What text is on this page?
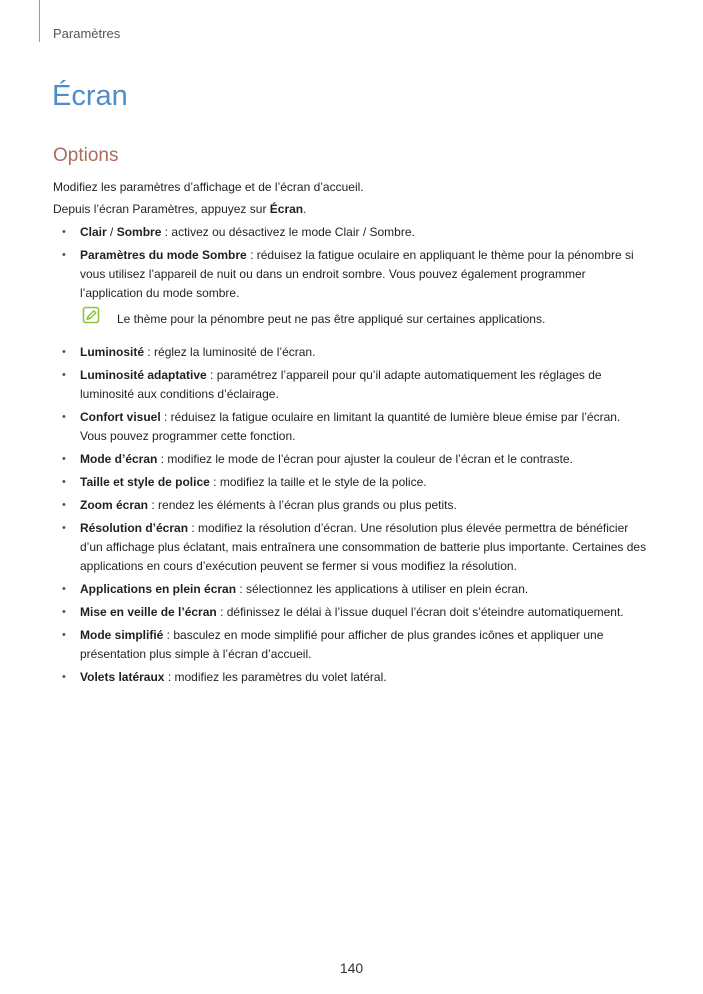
Paramètres
Écran
Options

Modifiez les paramètres d’affichage et de l’écran d’accueil.

Depuis l’écran Paramètres, appuyez sur Écran.

• Clair / Sombre : activez ou désactivez le mode Clair / Sombre.
• Paramètres du mode Sombre : réduisez la fatigue oculaire en appliquant le thème pour la pénombre si vous utilisez l’appareil de nuit ou dans un endroit sombre. Vous pouvez également programmer l’application du mode sombre.
Le thème pour la pénombre peut ne pas être appliqué sur certaines applications.
• Luminosité : réglez la luminosité de l’écran.
• Luminosité adaptative : paramétrez l’appareil pour qu’il adapte automatiquement les réglages de luminosité aux conditions d’éclairage.
• Confort visuel : réduisez la fatigue oculaire en limitant la quantité de lumière bleue émise par l’écran. Vous pouvez programmer cette fonction.
• Mode d’écran : modifiez le mode de l’écran pour ajuster la couleur de l’écran et le contraste.
• Taille et style de police : modifiez la taille et le style de la police.
• Zoom écran : rendez les éléments à l’écran plus grands ou plus petits.
• Résolution d’écran : modifiez la résolution d’écran. Une résolution plus élevée permettra de bénéficier d’un affichage plus éclatant, mais entraînera une consommation de batterie plus importante. Certaines des applications en cours d’exécution peuvent se fermer si vous modifiez la résolution.
• Applications en plein écran : sélectionnez les applications à utiliser en plein écran.
• Mise en veille de l’écran : définissez le délai à l’issue duquel l’écran doit s’éteindre automatiquement.
• Mode simplifié : basculez en mode simplifié pour afficher de plus grandes icônes et appliquer une présentation plus simple à l’écran d’accueil.
• Volets latéraux : modifiez les paramètres du volet latéral.
140
